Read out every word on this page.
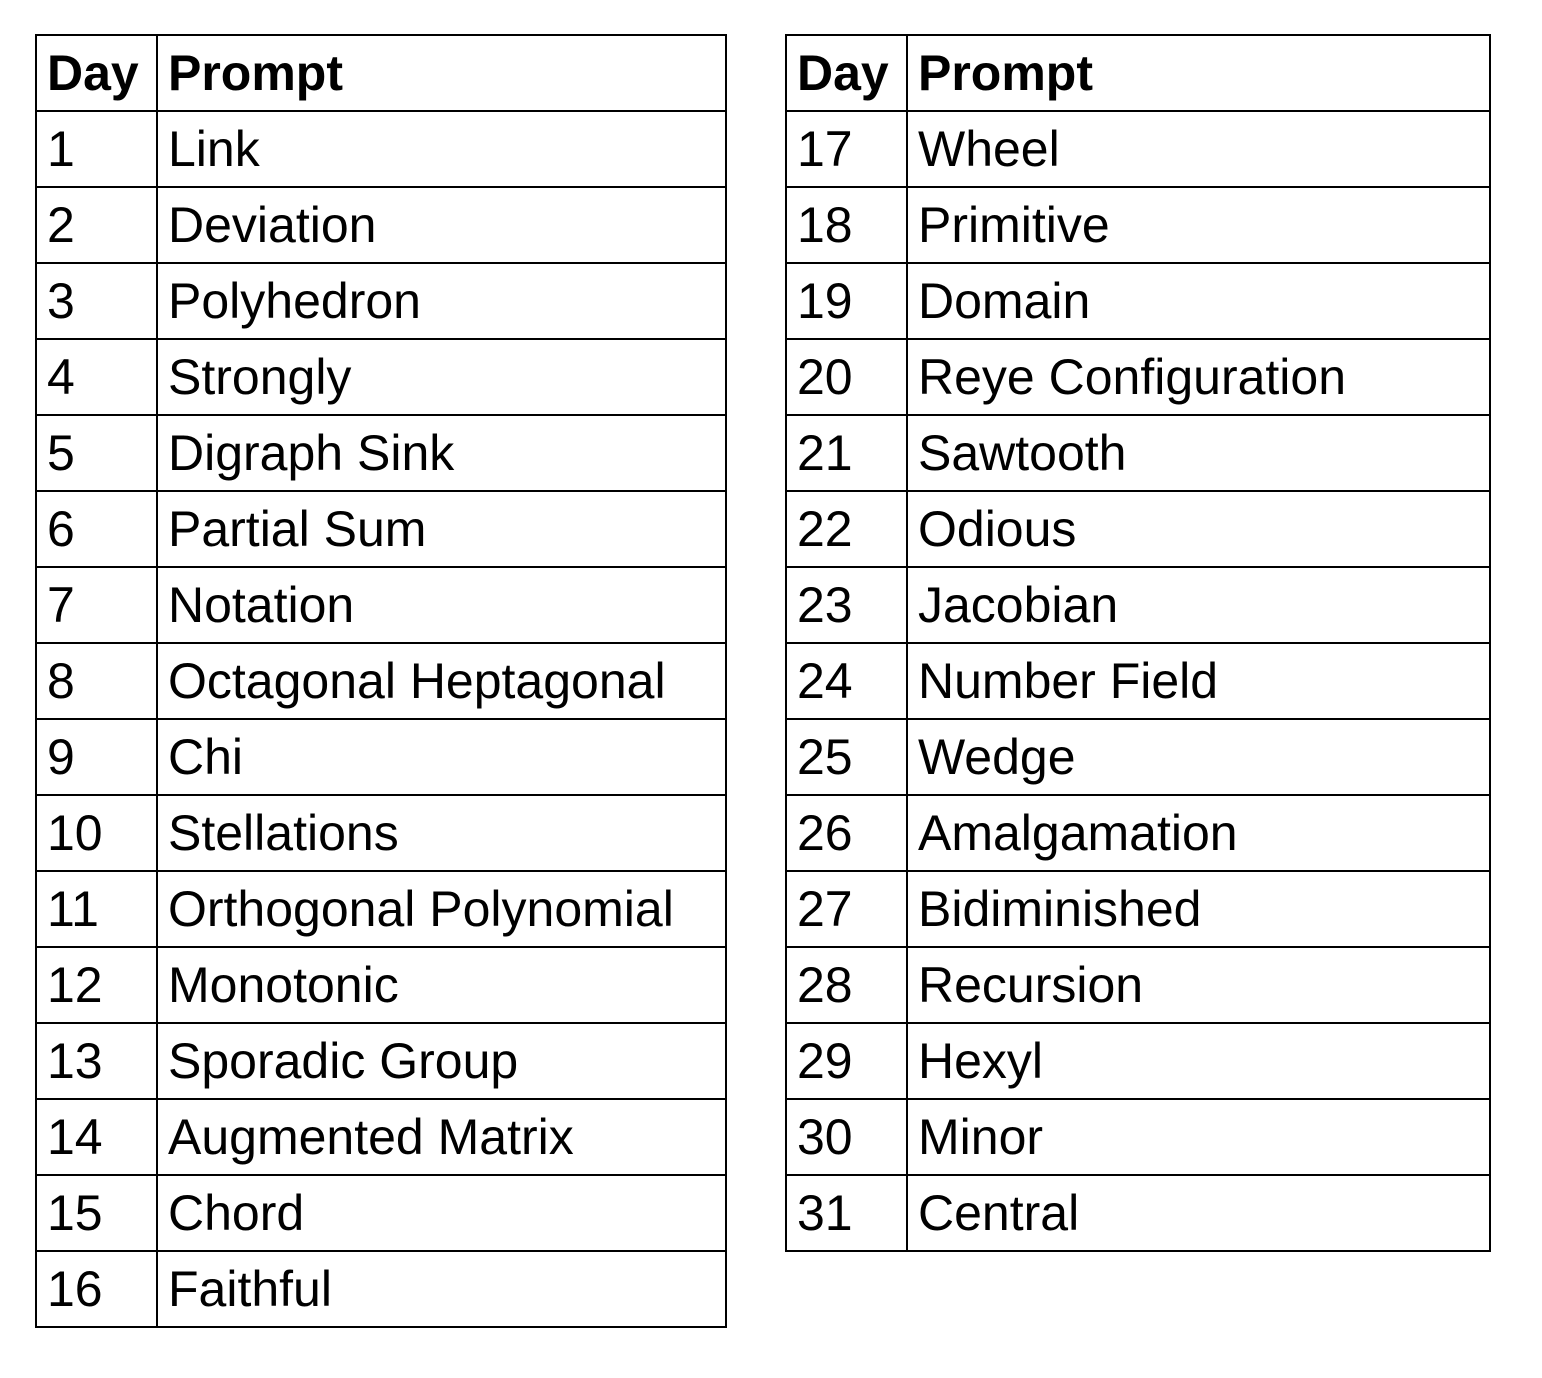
Day	Prompt
1	Link
2	Deviation
3	Polyhedron
4	Strongly
5	Digraph Sink
6	Partial Sum
7	Notation
8	Octagonal Heptagonal
9	Chi
10	Stellations
11	Orthogonal Polynomial
12	Monotonic
13	Sporadic Group
14	Augmented Matrix
15	Chord
16	Faithful
Day	Prompt
17	Wheel
18	Primitive
19	Domain
20	Reye Configuration
21	Sawtooth
22	Odious
23	Jacobian
24	Number Field
25	Wedge
26	Amalgamation
27	Bidiminished
28	Recursion
29	Hexyl
30	Minor
31	Central
